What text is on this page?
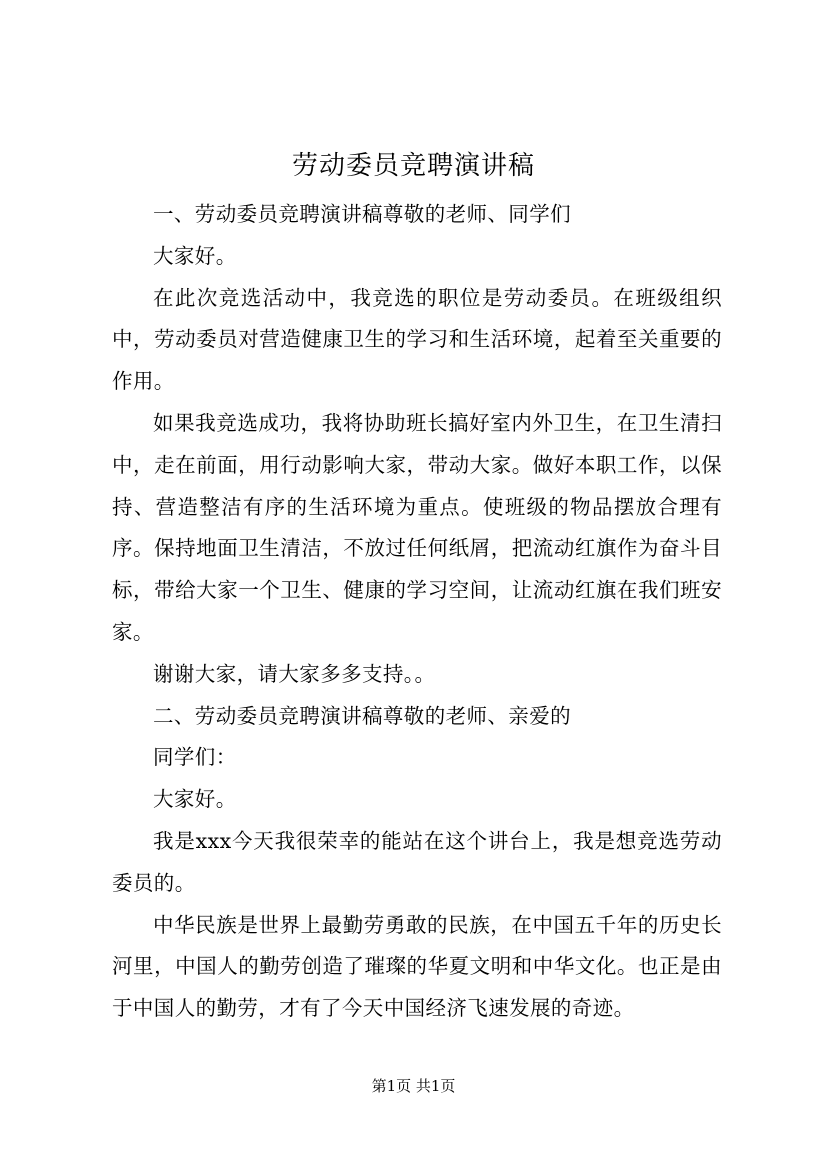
劳动委员竞聘演讲稿

一、劳动委员竞聘演讲稿尊敬的老师、同学们

大家好。

在此次竞选活动中，我竞选的职位是劳动委员。在班级组织中，劳动委员对营造健康卫生的学习和生活环境，起着至关重要的作用。

如果我竞选成功，我将协助班长搞好室内外卫生，在卫生清扫中，走在前面，用行动影响大家，带动大家。做好本职工作，以保持、营造整洁有序的生活环境为重点。使班级的物品摆放合理有序。保持地面卫生清洁，不放过任何纸屑，把流动红旗作为奋斗目标，带给大家一个卫生、健康的学习空间，让流动红旗在我们班安家。

谢谢大家，请大家多多支持。。

二、劳动委员竞聘演讲稿尊敬的老师、亲爱的

同学们：

大家好。

我是xxx今天我很荣幸的能站在这个讲台上，我是想竞选劳动委员的。

中华民族是世界上最勤劳勇敢的民族，在中国五千年的历史长河里，中国人的勤劳创造了璀璨的华夏文明和中华文化。也正是由于中国人的勤劳，才有了今天中国经济飞速发展的奇迹。

第1页 共1页
